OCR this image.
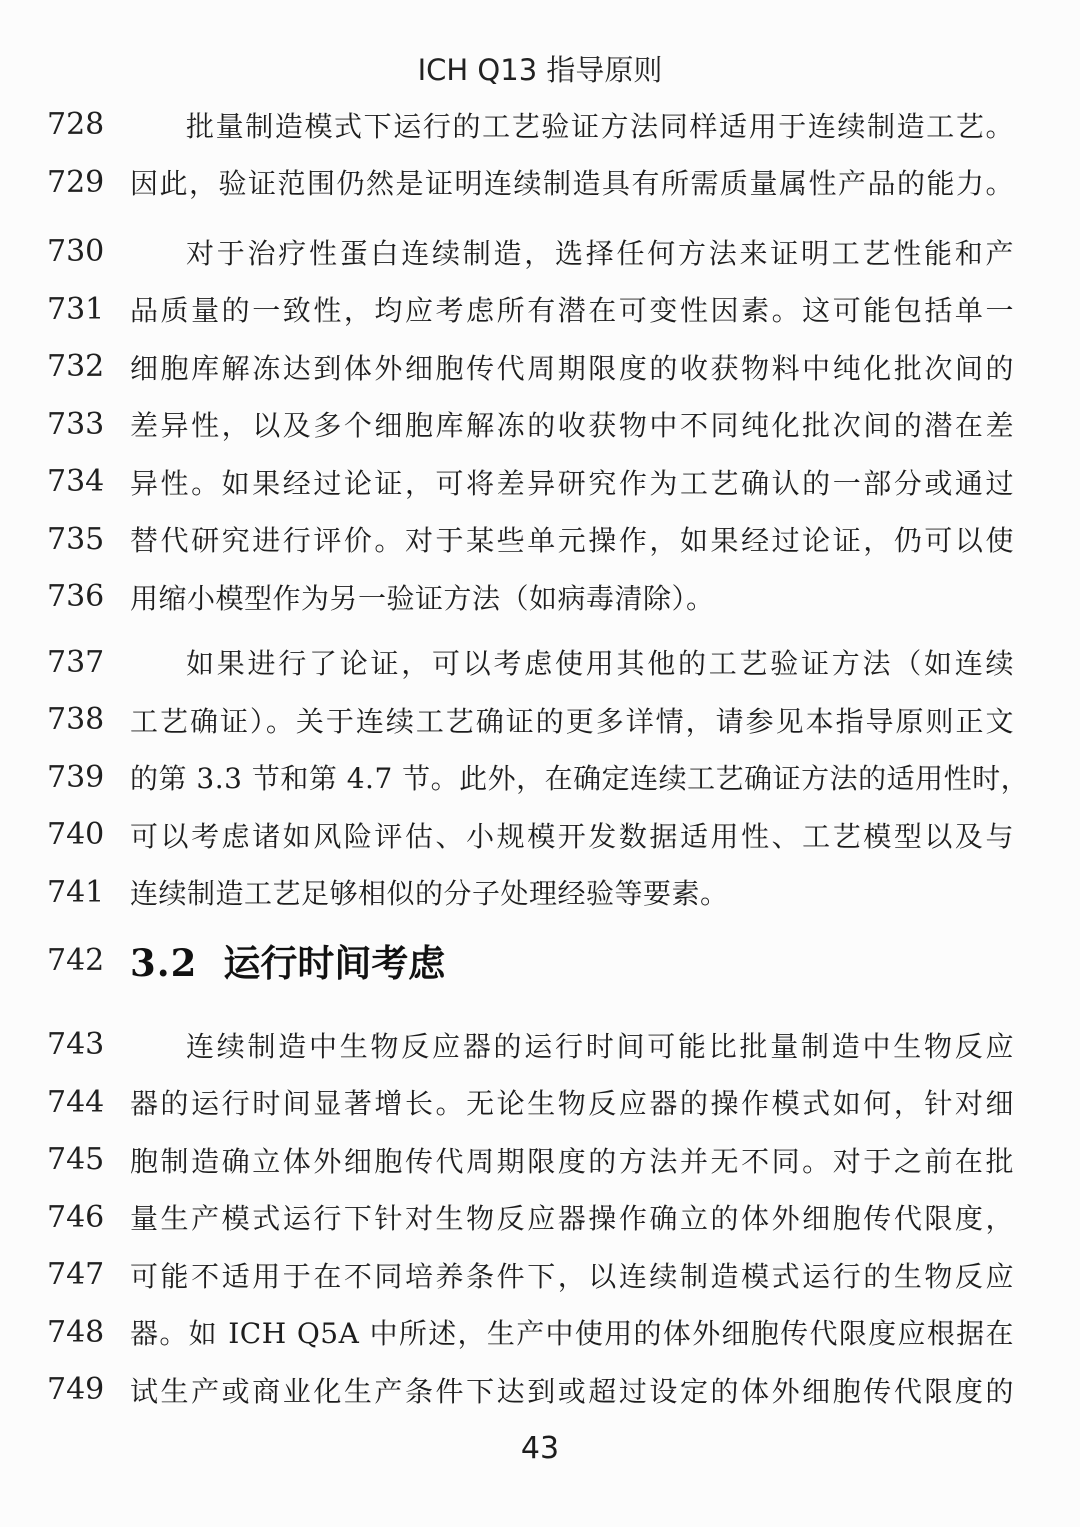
ICH Q13 指导原则
728	批量制造模式下运行的工艺验证方法同样适用于连续制造工艺。
729 因此，验证范围仍然是证明连续制造具有所需质量属性产品的能力。
730	对于治疗性蛋白连续制造，选择任何方法来证明工艺性能和产
731 品质量的一致性，均应考虑所有潜在可变性因素。这可能包括单一
732 细胞库解冻达到体外细胞传代周期限度的收获物料中纯化批次间的
733 差异性，以及多个细胞库解冻的收获物中不同纯化批次间的潜在差
734 异性。如果经过论证，可将差异研究作为工艺确认的一部分或通过
735 替代研究进行评价。对于某些单元操作，如果经过论证，仍可以使
736 用缩小模型作为另一验证方法（如病毒清除）。
737	如果进行了论证，可以考虑使用其他的工艺验证方法（如连续
738 工艺确证）。关于连续工艺确证的更多详情，请参见本指导原则正文
739 的第 3.3 节和第 4.7 节。此外，在确定连续工艺确证方法的适用性时，
740 可以考虑诸如风险评估、小规模开发数据适用性、工艺模型以及与
741 连续制造工艺足够相似的分子处理经验等要素。
742 3.2 运行时间考虑
743	连续制造中生物反应器的运行时间可能比批量制造中生物反应
744 器的运行时间显著增长。无论生物反应器的操作模式如何，针对细
745 胞制造确立体外细胞传代周期限度的方法并无不同。对于之前在批
746 量生产模式运行下针对生物反应器操作确立的体外细胞传代限度，
747 可能不适用于在不同培养条件下，以连续制造模式运行的生物反应
748 器。如 ICH Q5A 中所述，生产中使用的体外细胞传代限度应根据在
749 试生产或商业化生产条件下达到或超过设定的体外细胞传代限度的
43
